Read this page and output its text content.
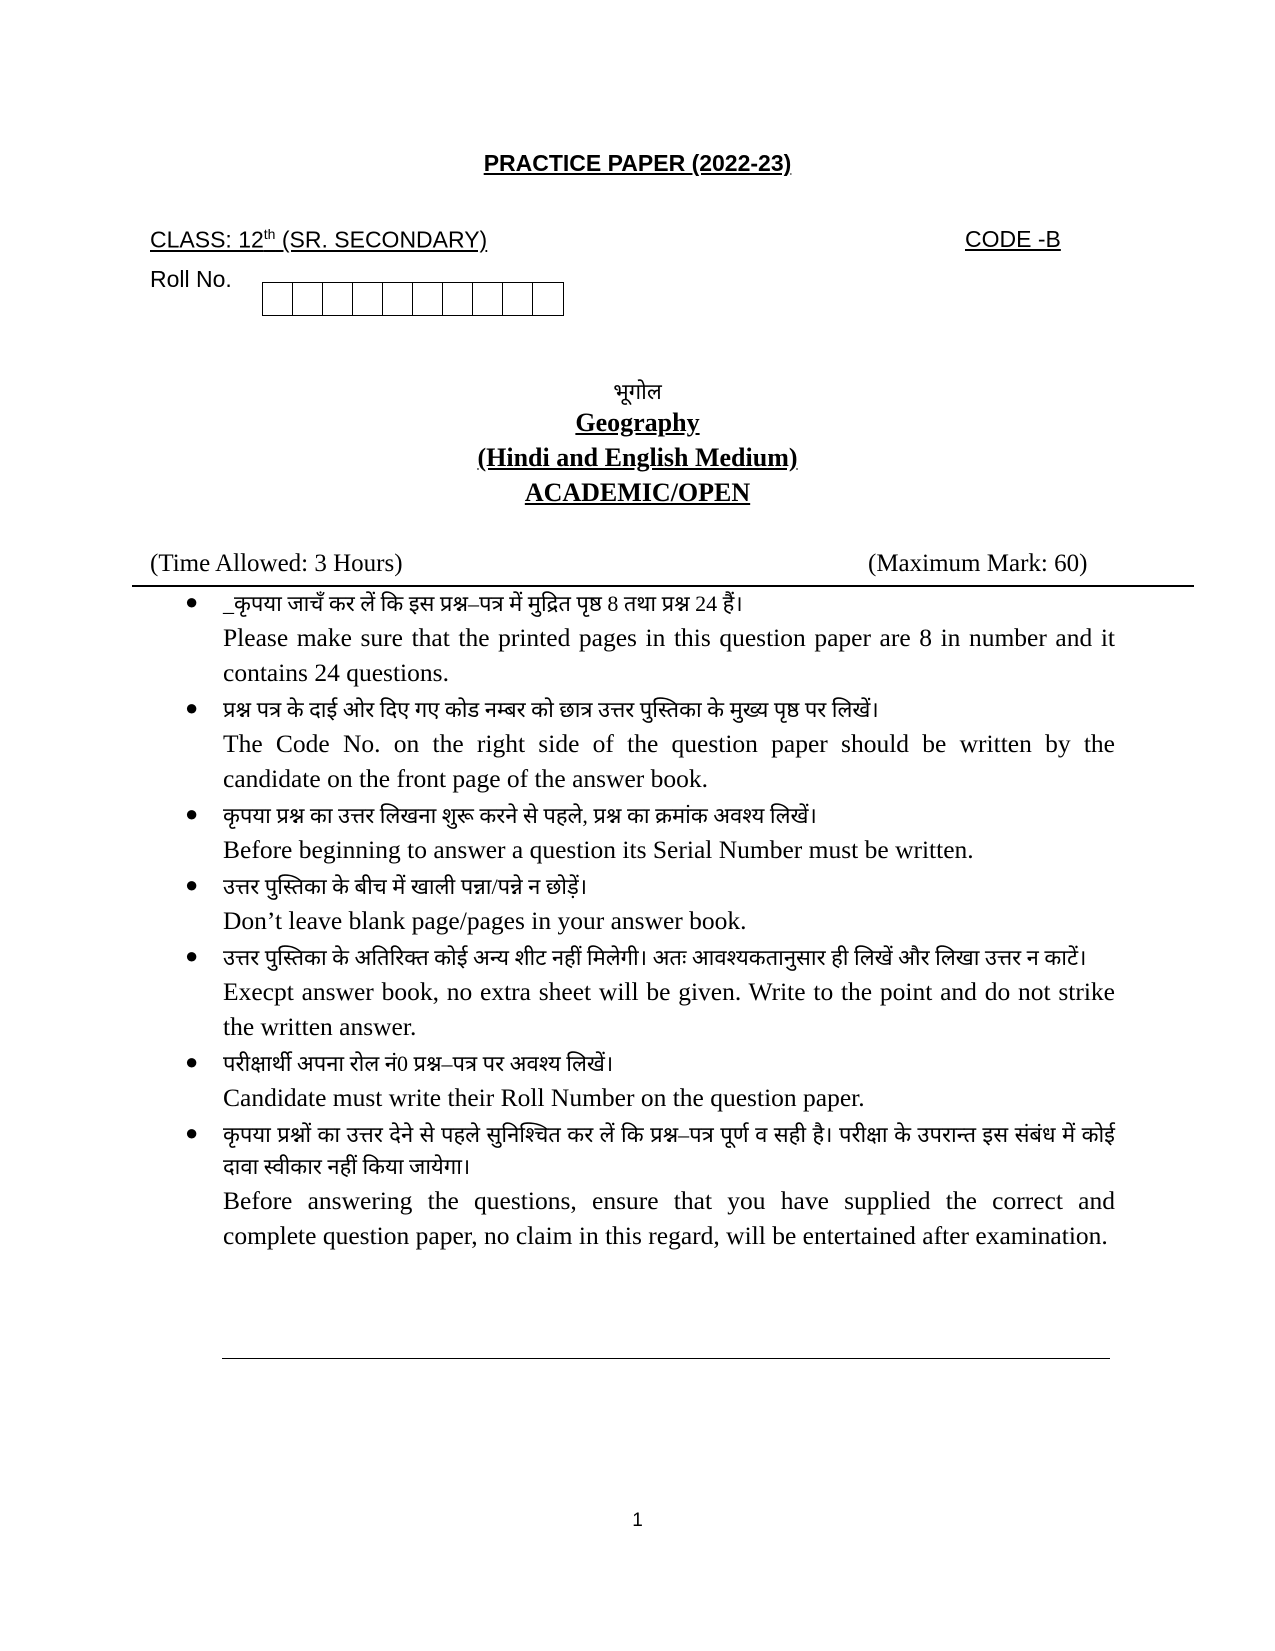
PRACTICE PAPER (2022-23)
CLASS: 12th (SR. SECONDARY)	CODE -B
Roll No.
भूगोल
Geography
(Hindi and English Medium)
ACADEMIC/OPEN
(Time Allowed: 3 Hours)	(Maximum Mark: 60)
● _कृपया जाचँ कर लें कि इस प्रश्न–पत्र में मुद्रित पृष्ठ 8 तथा प्रश्न 24 हैं।
Please make sure that the printed pages in this question paper are 8 in number and it contains 24 questions.
● प्रश्न पत्र के दाई ओर दिए गए कोड नम्बर को छात्र उत्तर पुस्तिका के मुख्य पृष्ठ पर लिखें।
The Code No. on the right side of the question paper should be written by the candidate on the front page of the answer book.
● कृपया प्रश्न का उत्तर लिखना शुरू करने से पहले, प्रश्न का क्रमांक अवश्य लिखें।
Before beginning to answer a question its Serial Number must be written.
● उत्तर पुस्तिका के बीच में खाली पन्ना/पन्ने न छोड़ें।
Don’t leave blank page/pages in your answer book.
● उत्तर पुस्तिका के अतिरिक्त कोई अन्य शीट नहीं मिलेगी। अतः आवश्यकतानुसार ही लिखें और लिखा उत्तर न काटें।
Execpt answer book, no extra sheet will be given. Write to the point and do not strike the written answer.
● परीक्षार्थी अपना रोल नं0 प्रश्न–पत्र पर अवश्य लिखें।
Candidate must write their Roll Number on the question paper.
● कृपया प्रश्नों का उत्तर देने से पहले सुनिश्चित कर लें कि प्रश्न–पत्र पूर्ण व सही है। परीक्षा के उपरान्त इस संबंध में कोई दावा स्वीकार नहीं किया जायेगा।
Before answering the questions, ensure that you have supplied the correct and complete question paper, no claim in this regard, will be entertained after examination.
1
